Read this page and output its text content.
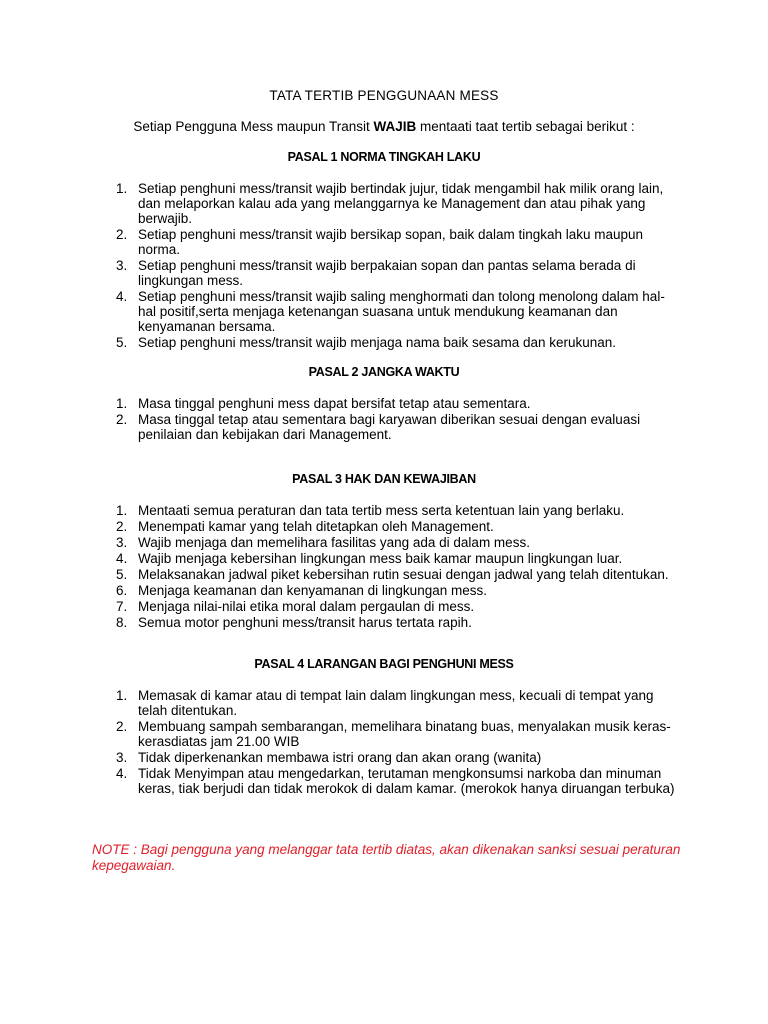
TATA TERTIB PENGGUNAAN MESS
Setiap Pengguna Mess maupun Transit WAJIB mentaati taat tertib sebagai berikut :
PASAL 1 NORMA TINGKAH LAKU
1. Setiap penghuni mess/transit wajib bertindak jujur, tidak mengambil hak milik orang lain, dan melaporkan kalau ada yang melanggarnya ke Management dan atau pihak yang berwajib.
2. Setiap penghuni mess/transit wajib bersikap sopan, baik dalam tingkah laku maupun norma.
3. Setiap penghuni mess/transit wajib berpakaian sopan dan pantas selama berada di lingkungan mess.
4. Setiap penghuni mess/transit wajib saling menghormati dan tolong menolong dalam hal-hal positif,serta menjaga ketenangan suasana untuk mendukung keamanan dan kenyamanan bersama.
5. Setiap penghuni mess/transit wajib menjaga nama baik sesama dan kerukunan.
PASAL 2 JANGKA WAKTU
1. Masa tinggal penghuni mess dapat bersifat tetap atau sementara.
2. Masa tinggal tetap atau sementara bagi karyawan diberikan sesuai dengan evaluasi penilaian dan kebijakan dari Management.
PASAL 3 HAK DAN KEWAJIBAN
1. Mentaati semua peraturan dan tata tertib mess serta ketentuan lain yang berlaku.
2. Menempati kamar yang telah ditetapkan oleh Management.
3. Wajib menjaga dan memelihara fasilitas yang ada di dalam mess.
4. Wajib menjaga kebersihan lingkungan mess baik kamar maupun lingkungan luar.
5. Melaksanakan jadwal piket kebersihan rutin sesuai dengan jadwal yang telah ditentukan.
6. Menjaga keamanan dan kenyamanan di lingkungan mess.
7. Menjaga nilai-nilai etika moral dalam pergaulan di mess.
8. Semua motor penghuni mess/transit harus tertata rapih.
PASAL 4 LARANGAN BAGI PENGHUNI MESS
1. Memasak di kamar atau di tempat lain dalam lingkungan mess, kecuali di tempat yang telah ditentukan.
2. Membuang sampah sembarangan, memelihara binatang buas, menyalakan musik keras-kerasdiatas jam 21.00 WIB
3. Tidak diperkenankan membawa istri orang dan akan orang (wanita)
4. Tidak Menyimpan atau mengedarkan, terutaman mengkonsumsi narkoba dan minuman keras, tiak berjudi dan tidak merokok di dalam kamar. (merokok hanya diruangan terbuka)
NOTE : Bagi pengguna yang melanggar tata tertib diatas, akan dikenakan sanksi sesuai peraturan kepegawaian.
